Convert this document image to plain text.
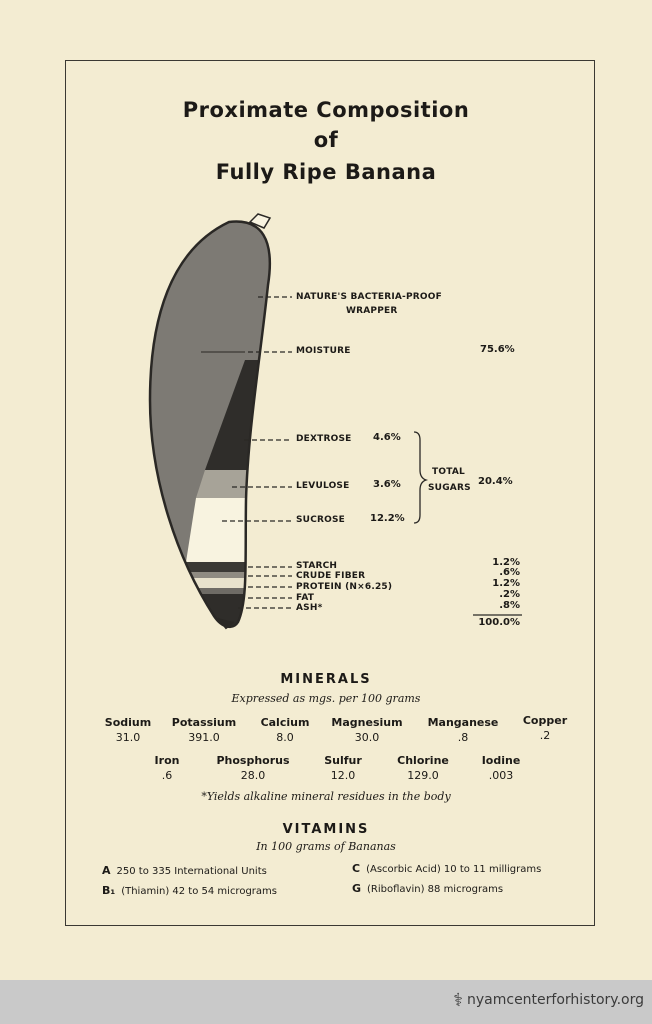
Proximate Composition
of
Fully Ripe Banana
NATURE'S BACTERIA-PROOF
WRAPPER
MOISTURE	75.6%
DEXTROSE 4.6%
LEVULOSE 3.6%
SUCROSE 12.2%
TOTAL
SUGARS
20.4%
STARCH
CRUDE FIBER
PROTEIN (N×6.25)
FAT
ASH*
1.2%
.6%
1.2%
.2%
.8%
100.0%
MINERALS
Expressed as mgs. per 100 grams
Sodium
31.0
Potassium
391.0
Calcium
8.0
Magnesium
30.0
Manganese
.8
Copper
.2
Iron
.6
Phosphorus
28.0
Sulfur
12.0
Chlorine
129.0
Iodine
.003
*Yields alkaline mineral residues in the body
VITAMINS
In 100 grams of Bananas
A 250 to 335 International Units
B₁ (Thiamin) 42 to 54 micrograms
C (Ascorbic Acid) 10 to 11 milligrams
G (Riboflavin) 88 micrograms
⚕ nyamcenterforhistory.org
